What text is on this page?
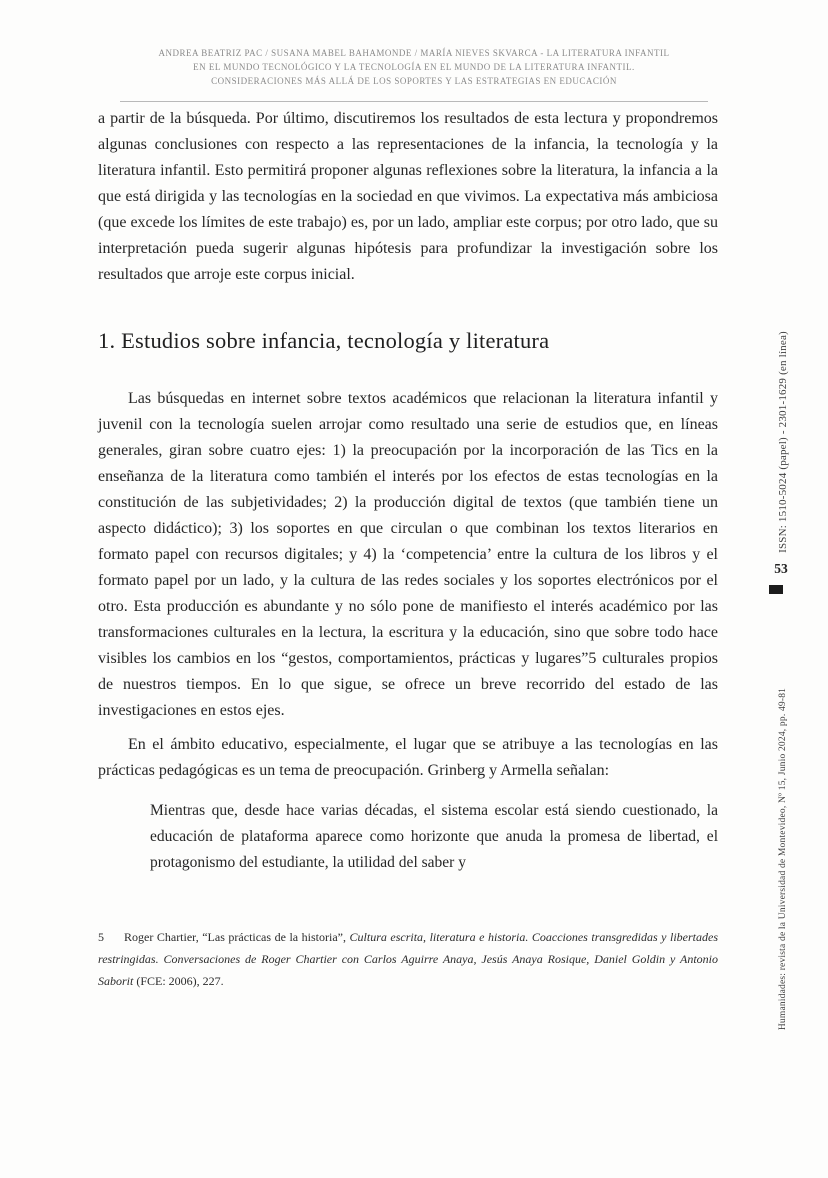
ANDREA BEATRIZ PAC / SUSANA MABEL BAHAMONDE / MARÍA NIEVES SKVARCA - LA LITERATURA INFANTIL
EN EL MUNDO TECNOLÓGICO Y LA TECNOLOGÍA EN EL MUNDO DE LA LITERATURA INFANTIL.
CONSIDERACIONES MÁS ALLÁ DE LOS SOPORTES Y LAS ESTRATEGIAS EN EDUCACIÓN

a partir de la búsqueda. Por último, discutiremos los resultados de esta lectura y propondremos algunas conclusiones con respecto a las representaciones de la infancia, la tecnología y la literatura infantil. Esto permitirá proponer algunas reflexiones sobre la literatura, la infancia a la que está dirigida y las tecnologías en la sociedad en que vivimos. La expectativa más ambiciosa (que excede los límites de este trabajo) es, por un lado, ampliar este corpus; por otro lado, que su interpretación pueda sugerir algunas hipótesis para profundizar la investigación sobre los resultados que arroje este corpus inicial.

1. Estudios sobre infancia, tecnología y literatura

Las búsquedas en internet sobre textos académicos que relacionan la literatura infantil y juvenil con la tecnología suelen arrojar como resultado una serie de estudios que, en líneas generales, giran sobre cuatro ejes: 1) la preocupación por la incorporación de las Tics en la enseñanza de la literatura como también el interés por los efectos de estas tecnologías en la constitución de las subjetividades; 2) la producción digital de textos (que también tiene un aspecto didáctico); 3) los soportes en que circulan o que combinan los textos literarios en formato papel con recursos digitales; y 4) la ‘competencia’ entre la cultura de los libros y el formato papel por un lado, y la cultura de las redes sociales y los soportes electrónicos por el otro. Esta producción es abundante y no sólo pone de manifiesto el interés académico por las transformaciones culturales en la lectura, la escritura y la educación, sino que sobre todo hace visibles los cambios en los “gestos, comportamientos, prácticas y lugares”5 culturales propios de nuestros tiempos. En lo que sigue, se ofrece un breve recorrido del estado de las investigaciones en estos ejes.

En el ámbito educativo, especialmente, el lugar que se atribuye a las tecnologías en las prácticas pedagógicas es un tema de preocupación. Grinberg y Armella señalan:

Mientras que, desde hace varias décadas, el sistema escolar está siendo cuestionado, la educación de plataforma aparece como horizonte que anuda la promesa de libertad, el protagonismo del estudiante, la utilidad del saber y
5 Roger Chartier, “Las prácticas de la historia”, Cultura escrita, literatura e historia. Coacciones transgredidas y libertades restringidas. Conversaciones de Roger Chartier con Carlos Aguirre Anaya, Jesús Anaya Rosique, Daniel Goldin y Antonio Saborit (FCE: 2006), 227.
ISSN: 1510-5024 (papel) - 2301-1629 (en línea)
53
Humanidades: revista de la Universidad de Montevideo, Nº 15, Junio 2024, pp. 49-81
